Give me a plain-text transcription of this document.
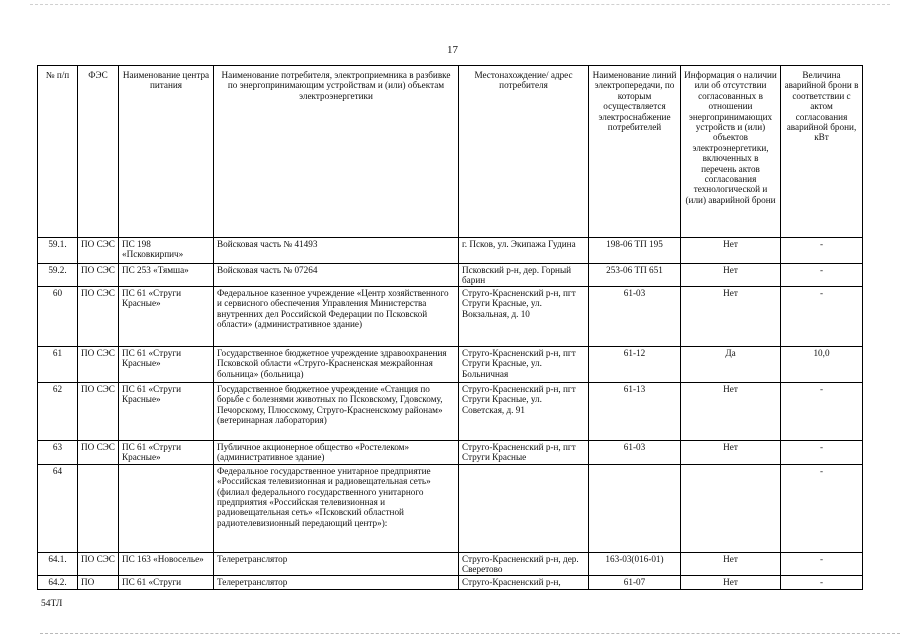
17
№ п/п	ФЭС	Наименование центра питания	Наименование потребителя, электроприемника в разбивке по энергопринимающим устройствам и (или) объектам электроэнергетики	Местонахождение/ адрес потребителя	Наименование линий электропередачи, по которым осуществляется электроснабжение потребителей	Информация о наличии или об отсутствии согласованных в отношении энергопринимающих устройств и (или) объектов электроэнергетики, включенных в перечень актов согласования технологической и (или) аварийной брони	Величина аварийной брони в соответствии с актом согласования аварийной брони, кВт
59.1.	ПО СЭС	ПС 198 «Псковкирпич»	Войсковая часть № 41493	г. Псков, ул. Экипажа Гудина	198-06 ТП 195	Нет	-
59.2.	ПО СЭС	ПС 253 «Тямша»	Войсковая часть № 07264	Псковский р-н, дер. Горный барин	253-06 ТП 651	Нет	-
60	ПО СЭС	ПС 61 «Струги Красные»	Федеральное казенное учреждение «Центр хозяйственного и сервисного обеспечения Управления Министерства внутренних дел Российской Федерации по Псковской области» (административное здание)	Струго-Красненский р-н, пгт Струги Красные, ул. Вокзальная, д. 10	61-03	Нет	-
61	ПО СЭС	ПС 61 «Струги Красные»	Государственное бюджетное учреждение здравоохранения Псковской области «Струго-Красненская межрайонная больница» (больница)	Струго-Красненский р-н, пгт Струги Красные, ул. Больничная	61-12	Да	10,0
62	ПО СЭС	ПС 61 «Струги Красные»	Государственное бюджетное учреждение «Станция по борьбе с болезнями животных по Псковскому, Гдовскому, Печорскому, Плюсскому, Струго-Красненскому районам» (ветеринарная лаборатория)	Струго-Красненский р-н, пгт Струги Красные, ул. Советская, д. 91	61-13	Нет	-
63	ПО СЭС	ПС 61 «Струги Красные»	Публичное акционерное общество «Ростелеком» (административное здание)	Струго-Красненский р-н, пгт Струги Красные	61-03	Нет	-
64			Федеральное государственное унитарное предприятие «Российская телевизионная и радиовещательная сеть» (филиал федерального государственного унитарного предприятия «Российская телевизионная и радиовещательная сеть» «Псковский областной радиотелевизионный передающий центр»):				-
64.1.	ПО СЭС	ПС 163 «Новоселье»	Телеретранслятор	Струго-Красненский р-н, дер. Сверетово	163-03(016-01)	Нет	-
64.2.	ПО	ПС 61 «Струги	Телеретранслятор	Струго-Красненский р-н,	61-07	Нет	-
54ТЛ
